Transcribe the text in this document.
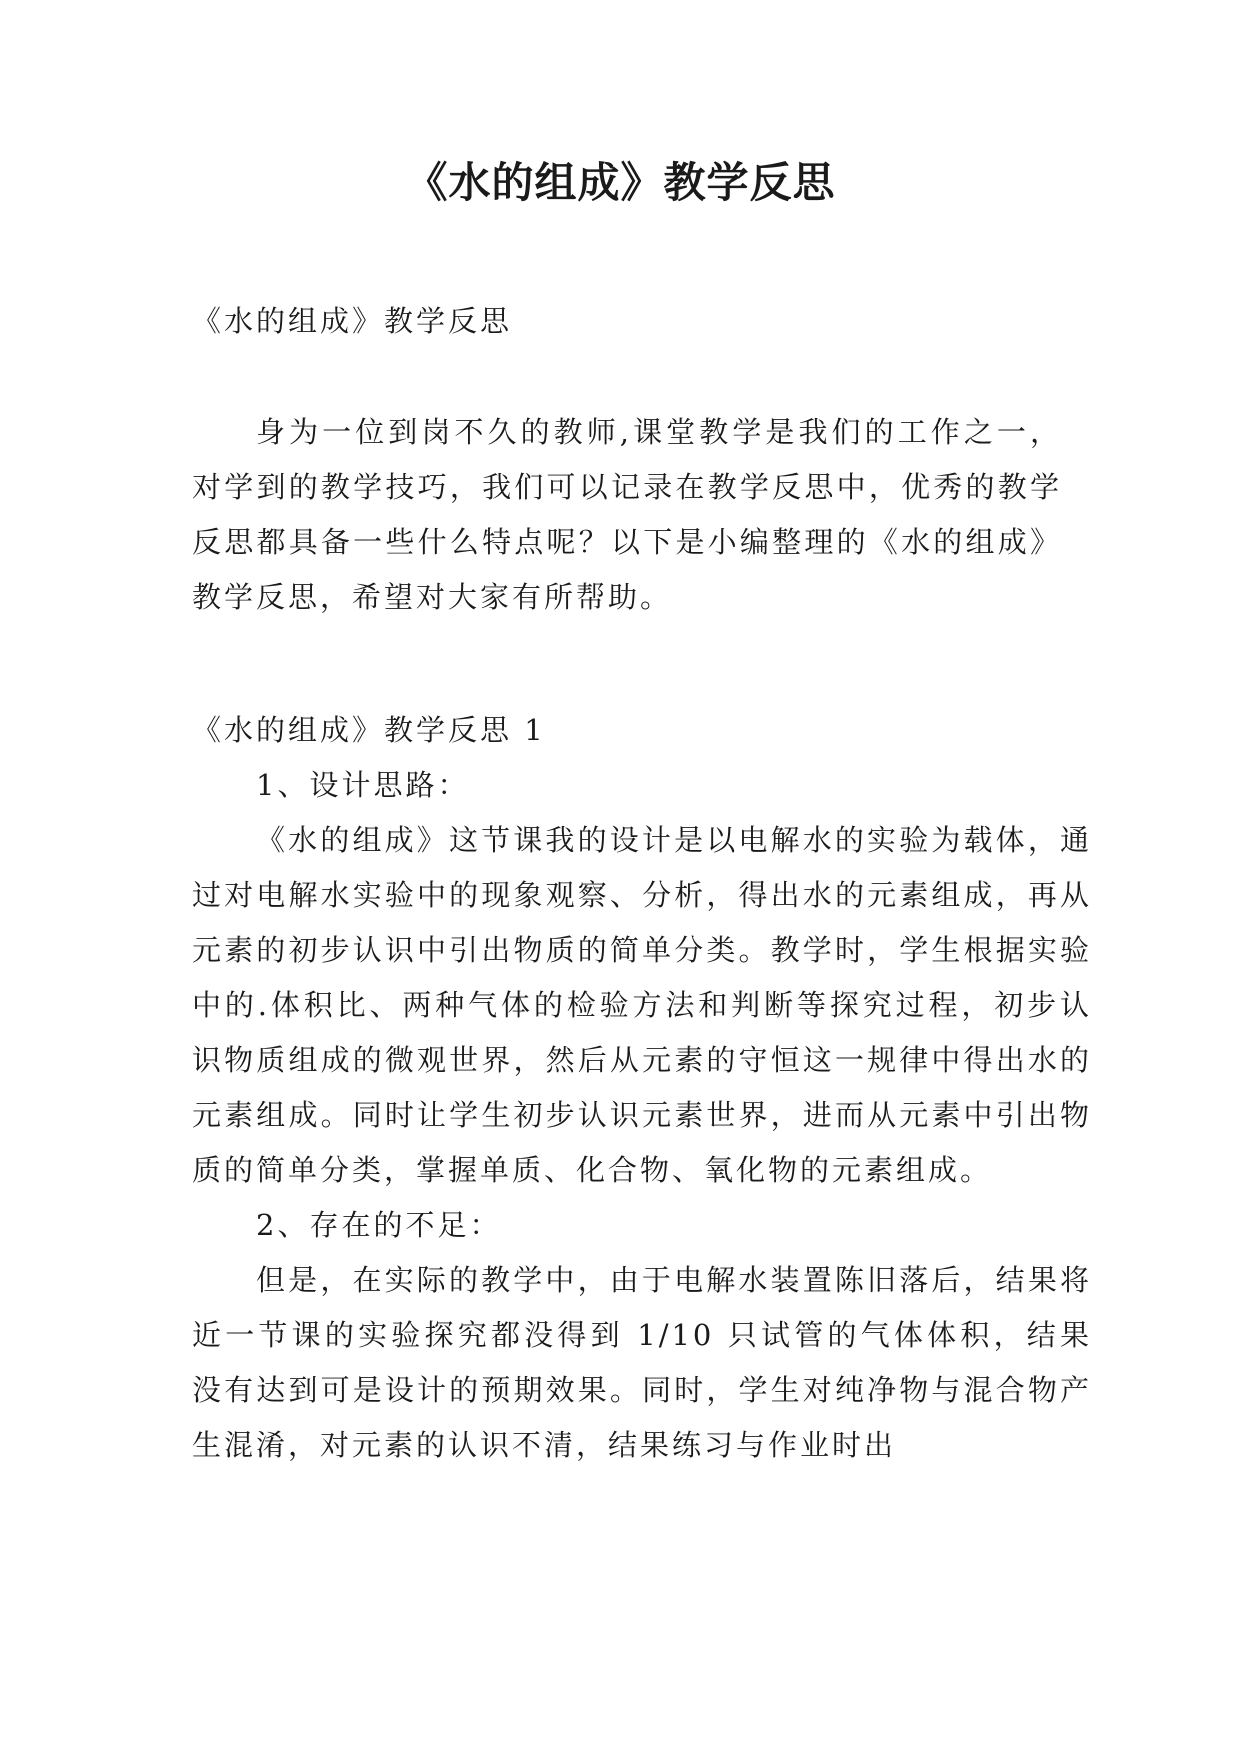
《水的组成》教学反思

《水的组成》教学反思

身为一位到岗不久的教师,课堂教学是我们的工作之一，对学到的教学技巧，我们可以记录在教学反思中，优秀的教学反思都具备一些什么特点呢？以下是小编整理的《水的组成》教学反思，希望对大家有所帮助。

《水的组成》教学反思 1

1、设计思路：

《水的组成》这节课我的设计是以电解水的实验为载体，通过对电解水实验中的现象观察、分析，得出水的元素组成，再从元素的初步认识中引出物质的简单分类。教学时，学生根据实验中的.体积比、两种气体的检验方法和判断等探究过程，初步认识物质组成的微观世界，然后从元素的守恒这一规律中得出水的元素组成。同时让学生初步认识元素世界，进而从元素中引出物质的简单分类，掌握单质、化合物、氧化物的元素组成。

2、存在的不足：

但是，在实际的教学中，由于电解水装置陈旧落后，结果将近一节课的实验探究都没得到 1/10 只试管的气体体积，结果没有达到可是设计的预期效果。同时，学生对纯净物与混合物产生混淆，对元素的认识不清，结果练习与作业时出
